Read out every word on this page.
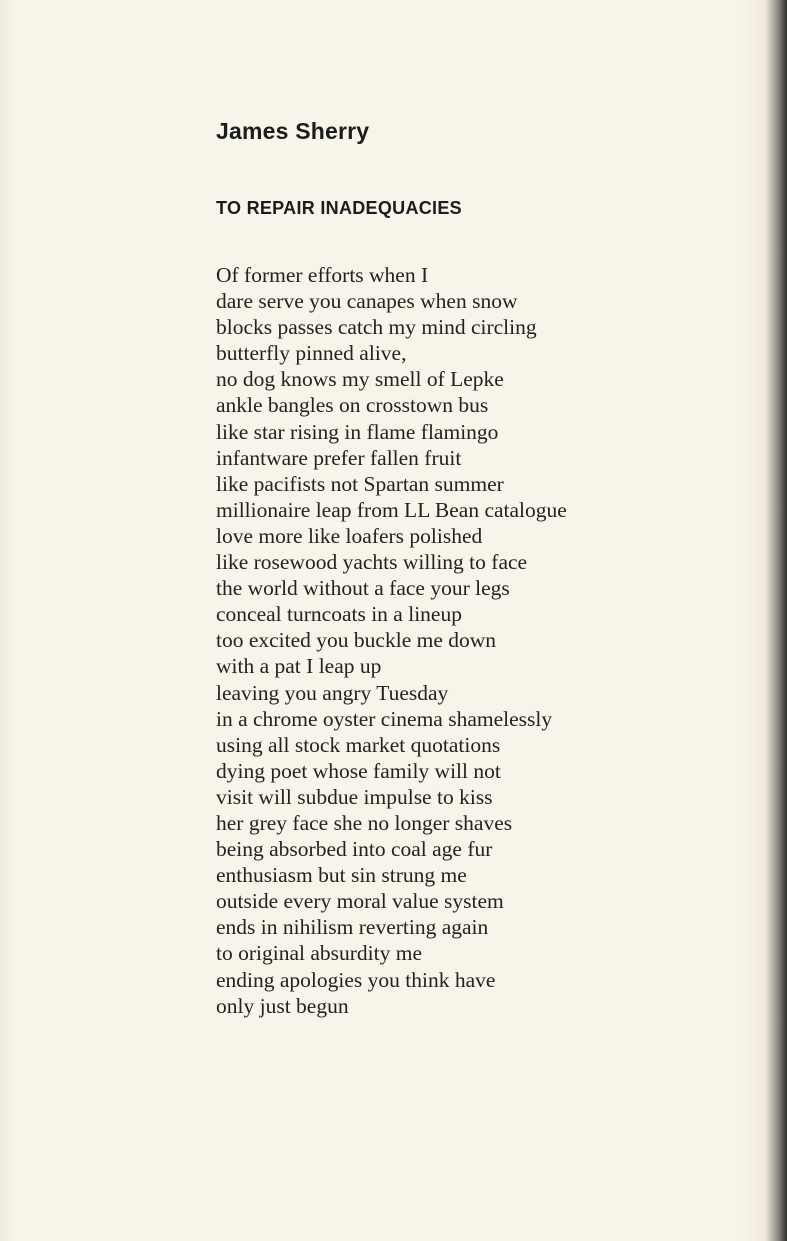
James Sherry
TO REPAIR INADEQUACIES
Of former efforts when I
dare serve you canapes when snow
blocks passes catch my mind circling
butterfly pinned alive,
no dog knows my smell of Lepke
ankle bangles on crosstown bus
like star rising in flame flamingo
infantware prefer fallen fruit
like pacifists not Spartan summer
millionaire leap from LL Bean catalogue
love more like loafers polished
like rosewood yachts willing to face
the world without a face your legs
conceal turncoats in a lineup
too excited you buckle me down
with a pat I leap up
leaving you angry Tuesday
in a chrome oyster cinema shamelessly
using all stock market quotations
dying poet whose family will not
visit will subdue impulse to kiss
her grey face she no longer shaves
being absorbed into coal age fur
enthusiasm but sin strung me
outside every moral value system
ends in nihilism reverting again
to original absurdity me
ending apologies you think have
only just begun
